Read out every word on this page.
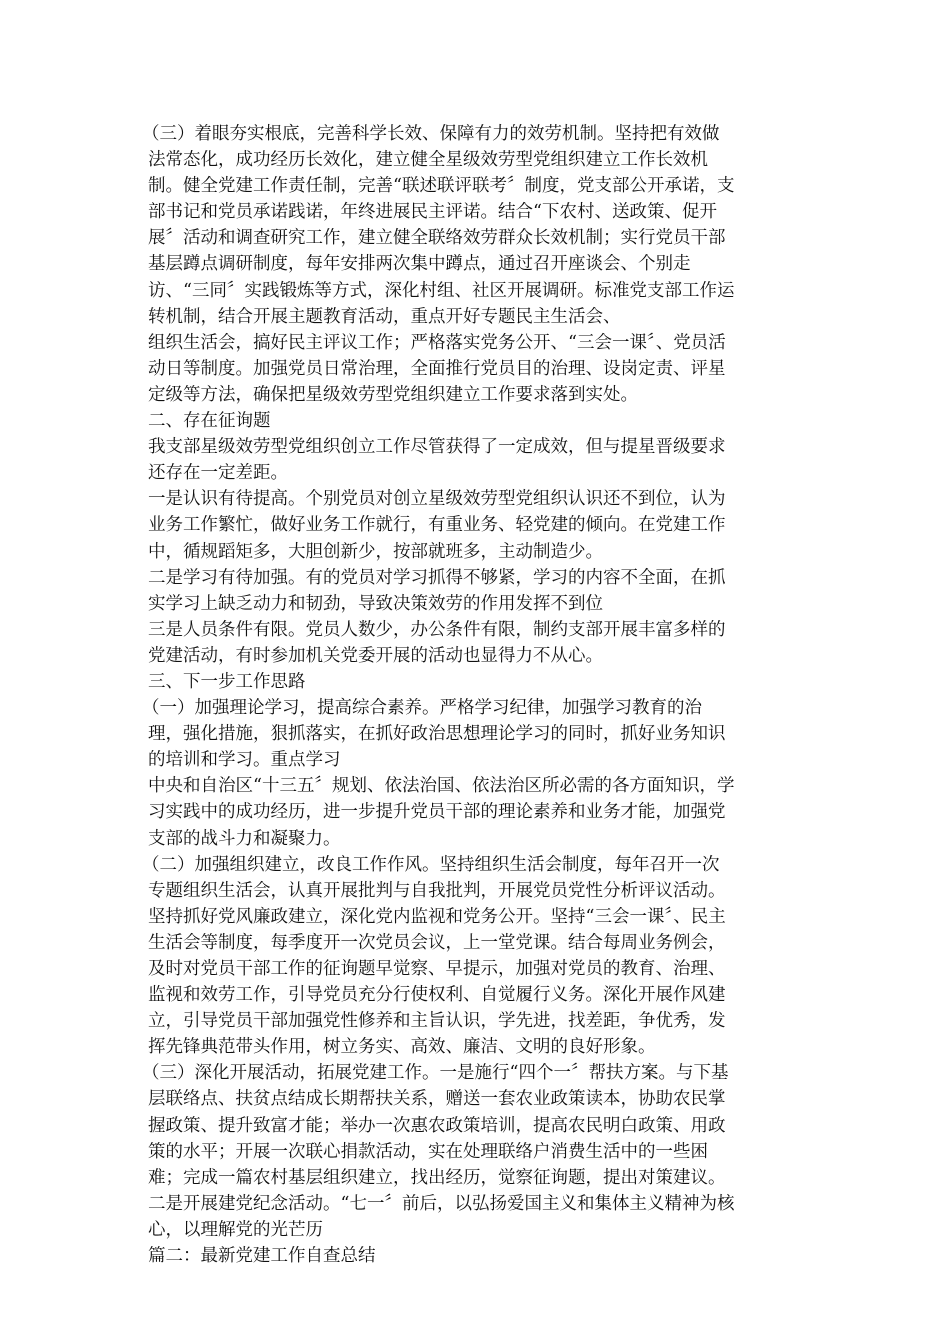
（三）着眼夯实根底，完善科学长效、保障有力的效劳机制。坚持把有效做
法常态化，成功经历长效化，建立健全星级效劳型党组织建立工作长效机
制。健全党建工作责任制，完善“联述联评联考〞制度，党支部公开承诺，支
部书记和党员承诺践诺，年终进展民主评诺。结合“下农村、送政策、促开
展〞活动和调查研究工作，建立健全联络效劳群众长效机制；实行党员干部
基层蹲点调研制度，每年安排两次集中蹲点，通过召开座谈会、个别走
访、“三同〞实践锻炼等方式，深化村组、社区开展调研。标准党支部工作运
转机制，结合开展主题教育活动，重点开好专题民主生活会、
组织生活会，搞好民主评议工作；严格落实党务公开、“三会一课〞、党员活
动日等制度。加强党员日常治理，全面推行党员目的治理、设岗定责、评星
定级等方法，确保把星级效劳型党组织建立工作要求落到实处。
二、存在征询题
我支部星级效劳型党组织创立工作尽管获得了一定成效，但与提星晋级要求
还存在一定差距。
一是认识有待提高。个别党员对创立星级效劳型党组织认识还不到位，认为
业务工作繁忙，做好业务工作就行，有重业务、轻党建的倾向。在党建工作
中，循规蹈矩多，大胆创新少，按部就班多，主动制造少。
二是学习有待加强。有的党员对学习抓得不够紧，学习的内容不全面，在抓
实学习上缺乏动力和韧劲，导致决策效劳的作用发挥不到位
三是人员条件有限。党员人数少，办公条件有限，制约支部开展丰富多样的
党建活动，有时参加机关党委开展的活动也显得力不从心。
三、下一步工作思路
（一）加强理论学习，提高综合素养。严格学习纪律，加强学习教育的治
理，强化措施，狠抓落实，在抓好政治思想理论学习的同时，抓好业务知识
的培训和学习。重点学习
中央和自治区“十三五〞规划、依法治国、依法治区所必需的各方面知识，学
习实践中的成功经历，进一步提升党员干部的理论素养和业务才能，加强党
支部的战斗力和凝聚力。
（二）加强组织建立，改良工作作风。坚持组织生活会制度，每年召开一次
专题组织生活会，认真开展批判与自我批判，开展党员党性分析评议活动。
坚持抓好党风廉政建立，深化党内监视和党务公开。坚持“三会一课〞、民主
生活会等制度，每季度开一次党员会议，上一堂党课。结合每周业务例会，
及时对党员干部工作的征询题早觉察、早提示，加强对党员的教育、治理、
监视和效劳工作，引导党员充分行使权利、自觉履行义务。深化开展作风建
立，引导党员干部加强党性修养和主旨认识，学先进，找差距，争优秀，发
挥先锋典范带头作用，树立务实、高效、廉洁、文明的良好形象。
（三）深化开展活动，拓展党建工作。一是施行“四个一〞帮扶方案。与下基
层联络点、扶贫点结成长期帮扶关系，赠送一套农业政策读本，协助农民掌
握政策、提升致富才能；举办一次惠农政策培训，提高农民明白政策、用政
策的水平；开展一次联心捐款活动，实在处理联络户消费生活中的一些困
难；完成一篇农村基层组织建立，找出经历，觉察征询题，提出对策建议。
二是开展建党纪念活动。“七一〞前后，以弘扬爱国主义和集体主义精神为核
心，以理解党的光芒历
篇二：最新党建工作自查总结
